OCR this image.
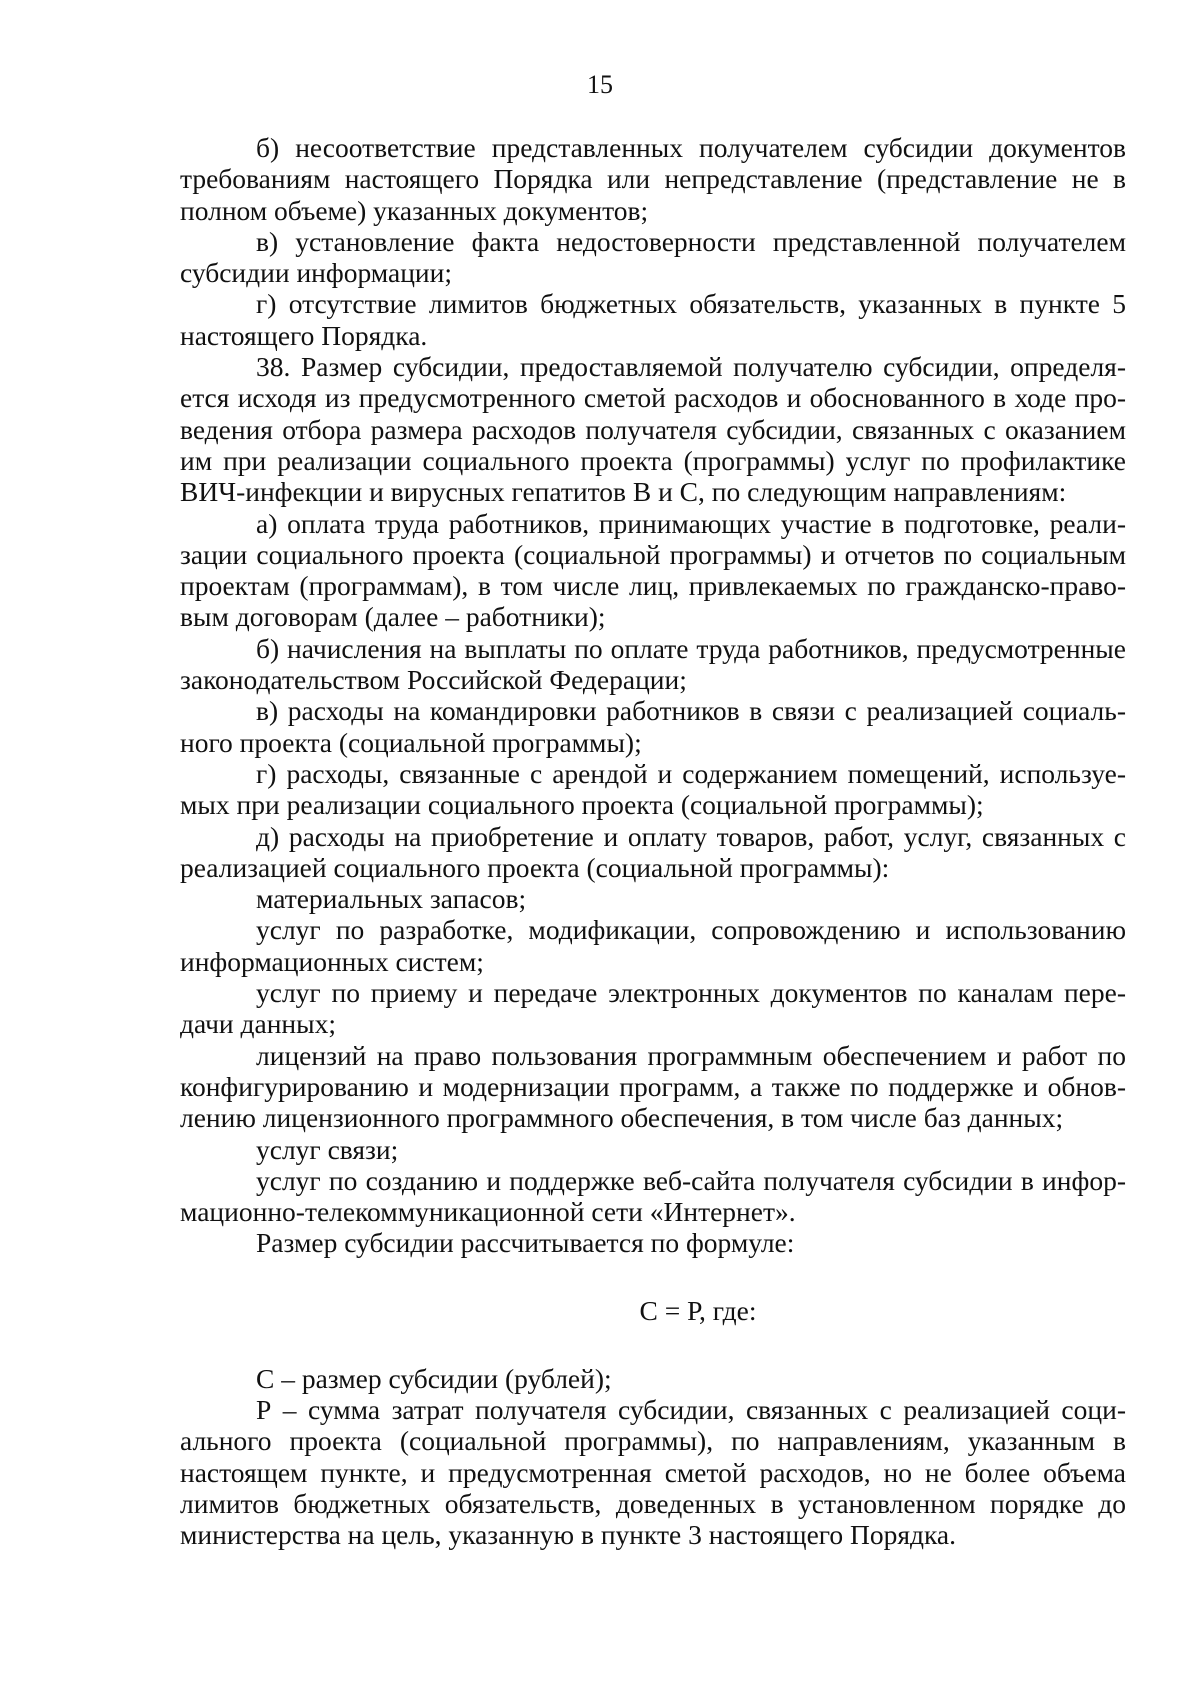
15

б) несоответствие представленных получателем субсидии документов требованиям настоящего Порядка или непредставление (представление не в полном объеме) указанных документов;

в) установление факта недостоверности представленной получателем субсидии информации;

г) отсутствие лимитов бюджетных обязательств, указанных в пункте 5 настоящего Порядка.

38. Размер субсидии, предоставляемой получателю субсидии, определяется исходя из предусмотренного сметой расходов и обоснованного в ходе проведения отбора размера расходов получателя субсидии, связанных с оказанием им при реализации социального проекта (программы) услуг по профилактике ВИЧ-инфекции и вирусных гепатитов В и С, по следующим направлениям:

а) оплата труда работников, принимающих участие в подготовке, реализации социального проекта (социальной программы) и отчетов по социальным проектам (программам), в том числе лиц, привлекаемых по гражданско-правовым договорам (далее – работники);

б) начисления на выплаты по оплате труда работников, предусмотренные законодательством Российской Федерации;

в) расходы на командировки работников в связи с реализацией социального проекта (социальной программы);

г) расходы, связанные с арендой и содержанием помещений, используемых при реализации социального проекта (социальной программы);

д) расходы на приобретение и оплату товаров, работ, услуг, связанных с реализацией социального проекта (социальной программы):

материальных запасов;

услуг по разработке, модификации, сопровождению и использованию информационных систем;

услуг по приему и передаче электронных документов по каналам передачи данных;

лицензий на право пользования программным обеспечением и работ по конфигурированию и модернизации программ, а также по поддержке и обновлению лицензионного программного обеспечения, в том числе баз данных;

услуг связи;

услуг по созданию и поддержке веб-сайта получателя субсидии в информационно-телекоммуникационной сети «Интернет».

Размер субсидии рассчитывается по формуле:

С = Р, где:

С – размер субсидии (рублей);

Р – сумма затрат получателя субсидии, связанных с реализацией социального проекта (социальной программы), по направлениям, указанным в настоящем пункте, и предусмотренная сметой расходов, но не более объема лимитов бюджетных обязательств, доведенных в установленном порядке до министерства на цель, указанную в пункте 3 настоящего Порядка.
